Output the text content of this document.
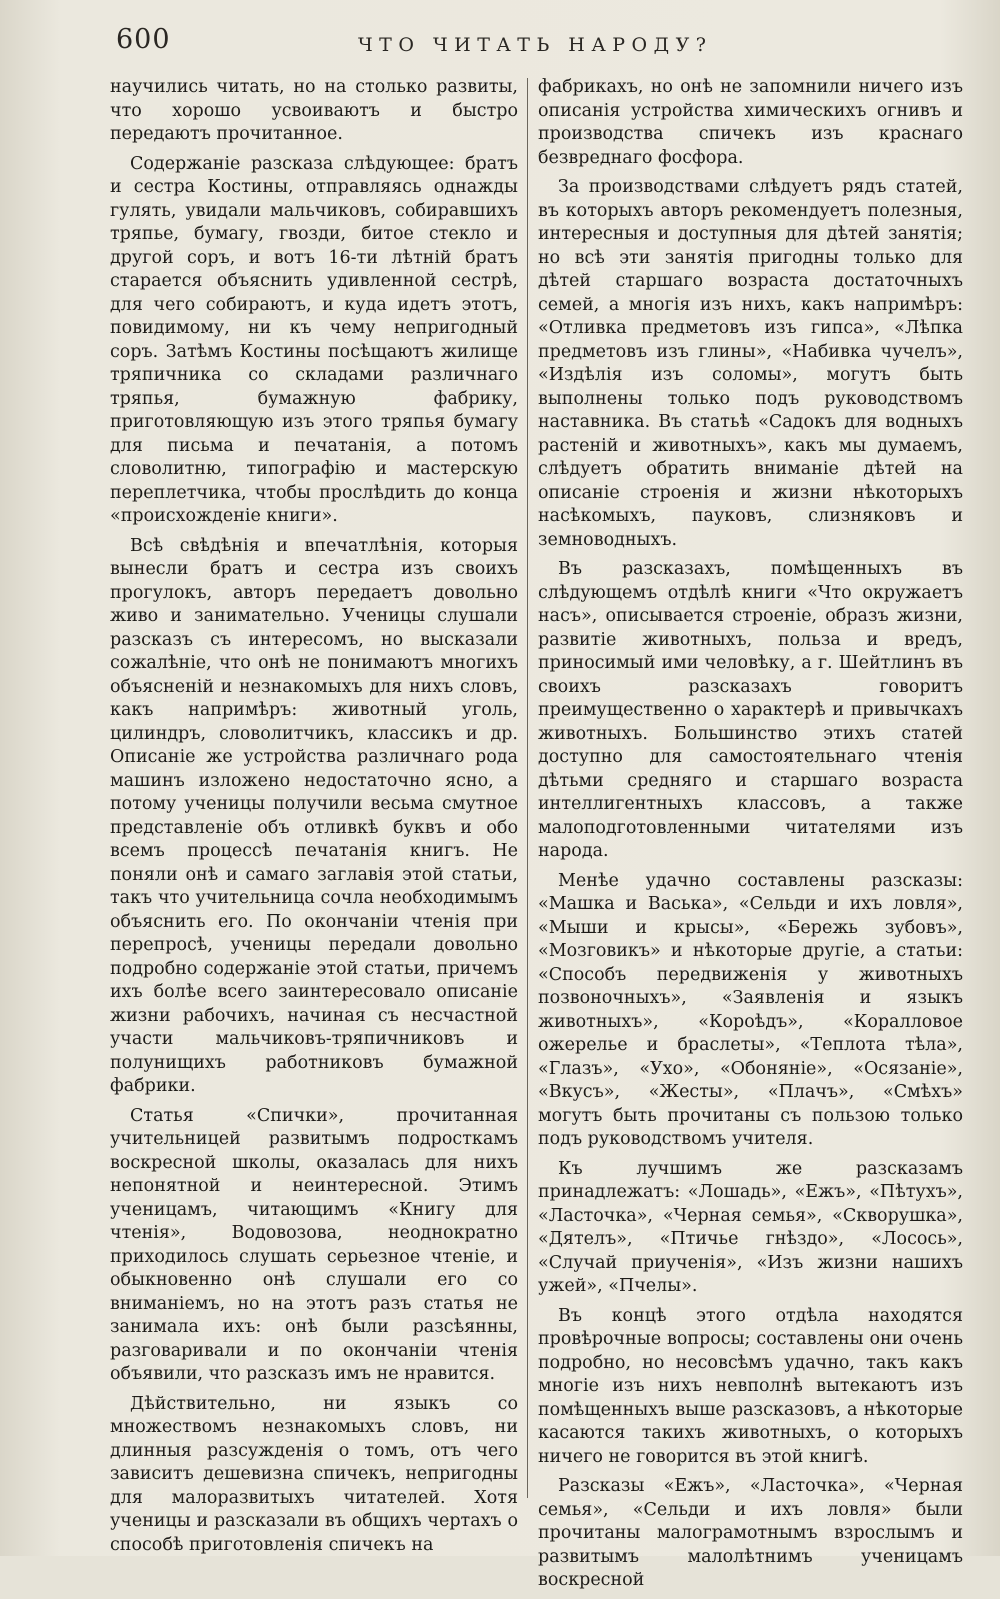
600	ЧТО ЧИТАТЬ НАРОДУ?

научились читать, но на столько развиты, что хорошо усвоиваютъ и быстро передаютъ прочитанное.

Содержаніе разсказа слѣдующее: братъ и сестра Костины, отправляясь однажды гулять, увидали мальчиковъ, собиравшихъ тряпье, бумагу, гвозди, битое стекло и другой соръ, и вотъ 16-ти лѣтній братъ старается объяснить удивленной сестрѣ, для чего собираютъ, и куда идетъ этотъ, повидимому, ни къ чему непригодный соръ. Затѣмъ Костины посѣщаютъ жилище тряпичника со складами различнаго тряпья, бумажную фабрику, приготовляющую изъ этого тряпья бумагу для письма и печатанія, а потомъ словолитню, типографію и мастерскую переплетчика, чтобы прослѣдить до конца «происхожденіе книги».

Всѣ свѣдѣнія и впечатлѣнія, которыя вынесли братъ и сестра изъ своихъ прогулокъ, авторъ передаетъ довольно живо и занимательно. Ученицы слушали разсказъ съ интересомъ, но высказали сожалѣніе, что онѣ не понимаютъ многихъ объясненій и незнакомыхъ для нихъ словъ, какъ напримѣръ: животный уголь, цилиндръ, словолитчикъ, классикъ и др. Описаніе же устройства различнаго рода машинъ изложено недостаточно ясно, а потому ученицы получили весьма смутное представленіе объ отливкѣ буквъ и обо всемъ процессѣ печатанія книгъ. Не поняли онѣ и самаго заглавія этой статьи, такъ что учительница сочла необходимымъ объяснить его. По окончаніи чтенія при перепросѣ, ученицы передали довольно подробно содержаніе этой статьи, причемъ ихъ болѣе всего заинтересовало описаніе жизни рабочихъ, начиная съ несчастной участи мальчиковъ-тряпичниковъ и полунищихъ работниковъ бумажной фабрики.

Статья «Спички», прочитанная учительницей развитымъ подросткамъ воскресной школы, оказалась для нихъ непонятной и неинтересной. Этимъ ученицамъ, читающимъ «Книгу для чтенія», Водовозова, неоднократно приходилось слушать серьезное чтеніе, и обыкновенно онѣ слушали его со вниманіемъ, но на этотъ разъ статья не занимала ихъ: онѣ были разсѣянны, разговаривали и по окончаніи чтенія объявили, что разсказъ имъ не нравится.

Дѣйствительно, ни языкъ со множествомъ незнакомыхъ словъ, ни длинныя разсужденія о томъ, отъ чего зависитъ дешевизна спичекъ, непригодны для малоразвитыхъ читателей. Хотя ученицы и разсказали въ общихъ чертахъ о способѣ приготовленія спичекъ на

фабрикахъ, но онѣ не запомнили ничего изъ описанія устройства химическихъ огнивъ и производства спичекъ изъ краснаго безвреднаго фосфора.

За производствами слѣдуетъ рядъ статей, въ которыхъ авторъ рекомендуетъ полезныя, интересныя и доступныя для дѣтей занятія; но всѣ эти занятія пригодны только для дѣтей старшаго возраста достаточныхъ семей, а многія изъ нихъ, какъ напримѣръ: «Отливка предметовъ изъ гипса», «Лѣпка предметовъ изъ глины», «Набивка чучелъ», «Издѣлія изъ соломы», могутъ быть выполнены только подъ руководствомъ наставника. Въ статьѣ «Садокъ для водныхъ растеній и животныхъ», какъ мы думаемъ, слѣдуетъ обратить вниманіе дѣтей на описаніе строенія и жизни нѣкоторыхъ насѣкомыхъ, пауковъ, слизняковъ и земноводныхъ.

Въ разсказахъ, помѣщенныхъ въ слѣдующемъ отдѣлѣ книги «Что окружаетъ насъ», описывается строеніе, образъ жизни, развитіе животныхъ, польза и вредъ, приносимый ими человѣку, а г. Шейтлинъ въ своихъ разсказахъ говоритъ преимущественно о характерѣ и привычкахъ животныхъ. Большинство этихъ статей доступно для самостоятельнаго чтенія дѣтьми средняго и старшаго возраста интеллигентныхъ классовъ, а также малоподготовленными читателями изъ народа.

Менѣе удачно составлены разсказы: «Машка и Васька», «Сельди и ихъ ловля», «Мыши и крысы», «Бережь зубовъ», «Мозговикъ» и нѣкоторые другіе, а статьи: «Способъ передвиженія у животныхъ позвоночныхъ», «Заявленія и языкъ животныхъ», «Короѣдъ», «Коралловое ожерелье и браслеты», «Теплота тѣла», «Глазъ», «Ухо», «Обоняніе», «Осязаніе», «Вкусъ», «Жесты», «Плачъ», «Смѣхъ» могутъ быть прочитаны съ пользою только подъ руководствомъ учителя.

Къ лучшимъ же разсказамъ принадлежатъ: «Лошадь», «Ежъ», «Пѣтухъ», «Ласточка», «Черная семья», «Скворушка», «Дятелъ», «Птичье гнѣздо», «Лосось», «Случай приученія», «Изъ жизни нашихъ ужей», «Пчелы».

Въ концѣ этого отдѣла находятся провѣрочные вопросы; составлены они очень подробно, но несовсѣмъ удачно, такъ какъ многіе изъ нихъ невполнѣ вытекаютъ изъ помѣщенныхъ выше разсказовъ, а нѣкоторые касаются такихъ животныхъ, о которыхъ ничего не говорится въ этой книгѣ.

Разсказы «Ежъ», «Ласточка», «Черная семья», «Сельди и ихъ ловля» были прочитаны малограмотнымъ взрослымъ и развитымъ малолѣтнимъ ученицамъ воскресной
